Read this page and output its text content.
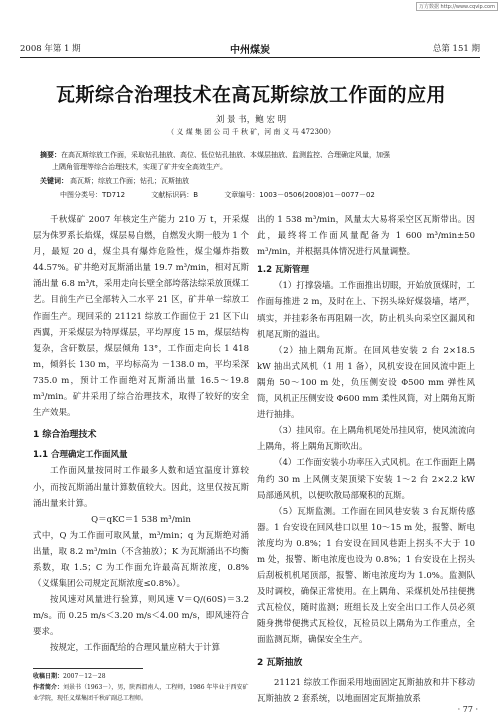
万方数据 http://www.cqvip.com
2008 年第 1 期	中州煤炭	总第 151 期
瓦斯综合治理技术在高瓦斯综放工作面的应用
刘 景 书，鲍 宏 明
（ 义 煤 集 团 公 司 千 秋 矿，河 南 义 马 472300）
摘要：在高瓦斯综放工作面，采取钻孔抽放、高位、低位钻孔抽放、本煤层抽放、监测监控、合理确定风量，加强
上隅角管理等综合治理技术，实现了矿井安全高效生产。
关键词： 高瓦斯；综放工作面；钻孔；瓦斯抽放
中图分类号：TD712	文献标识码：B	文章编号：1003－0506(2008)01－0077－02

千秋煤矿 2007 年核定生产能力 210 万 t，开采煤层为侏罗系长焰煤，煤层易自燃，自燃发火期一般为 1 个月，最短 20 d，煤尘具有爆炸危险性，煤尘爆炸指数 44.57%。矿井绝对瓦斯涌出量 19.7 m³/min，相对瓦斯涌出量 6.8 m³/t，采用走向长壁全部垮落法综采放顶煤工艺。目前生产已全部转入二水平 21 区，矿井单一综放工作面生产。现回采的 21121 综放工作面位于 21 区下山西翼，开采煤层为特厚煤层，平均厚度 15 m，煤层结构复杂，含矸数层，煤层倾角 13°，工作面走向长 1 418 m，倾斜长 130 m，平均标高为 －138.0 m，平均采深 735.0 m，预计工作面绝对瓦斯涌出量 16.5～19.8 m³/min。矿井采用了综合治理技术，取得了较好的安全生产效果。

1 综合治理技术

1.1 合理确定工作面风量

工作面风量按同时工作最多人数和适宜温度计算较小，而按瓦斯涌出量计算数值较大。因此，这里仅按瓦斯涌出量来计算。

Q＝qKC＝1 538 m³/min

式中，Q 为工作面可取风量，m³/min；q 为瓦斯绝对涌出量，取 8.2 m³/min（不含抽放）；K 为瓦斯涌出不均衡系数，取 1.5；C 为工作面允许最高瓦斯浓度，0.8%（义煤集团公司规定瓦斯浓度≤0.8%）。

按风速对风量进行验算，则风速 V＝Q/(60S)＝3.2 m/s。而 0.25 m/s＜3.20 m/s＜4.00 m/s，即风速符合要求。

按规定，工作面配给的合理风量应稍大于计算

出的 1 538 m³/min，风量太大易将采空区瓦斯带出。因此，最终将工作面风量配备为 1 600 m³/min±50 m³/min，并根据具体情况进行风量调整。

1.2 瓦斯管理

（1）打撑袋墙。工作面推出切眼，开始放顶煤时，工作面每推进 2 m，及时在上、下拐头垛好煤袋墙，堵严，填实，并挂彩条布再阻隔一次，防止机头向采空区漏风和机尾瓦斯的溢出。

（2）抽上隅角瓦斯。在回风巷安装 2 台 2×18.5 kW 抽出式风机（1 用 1 备），风机安设在回风流中距上隅角 50～100 m 处，负压侧安设 Φ500 mm 弹性风筒，风机正压侧安设 Φ600 mm 柔性风筒，对上隅角瓦斯进行抽排。

（3）挂风帘。在上隅角机尾处吊挂风帘，使风流流向上隅角，将上隅角瓦斯吹出。

（4）工作面安装小功率压入式风机。在工作面距上隅角约 30 m 上风侧支架顶梁下安装 1～2 台 2×2.2 kW 局部通风机，以便吹散局部聚积的瓦斯。

（5）瓦斯监测。工作面在回风巷安装 3 台瓦斯传感器。1 台安设在回风巷口以里 10～15 m 处，报警、断电浓度均为 0.8%；1 台安设在回风巷距上拐头不大于 10 m 处，报警、断电浓度也设为 0.8%；1 台安设在上拐头后刮板机机尾顶部，报警、断电浓度均为 1.0%。监测队及时调校，确保正常使用。在上隅角、采煤机处吊挂便携式瓦检仪，随时监测；班组长及上安全出口工作人员必须随身携带便携式瓦检仪，瓦检员以上隅角为工作重点，全面监测瓦斯，确保安全生产。

2 瓦斯抽放

21121 综放工作面采用地面固定瓦斯抽放和井下移动瓦斯抽放 2 套系统，以地面固定瓦斯抽放系

收稿日期：2007－12－28
作者简介：刘景书（1963－），男，陕西渭南人，工程师，1986 年毕业于西安矿业学院，现任义煤集团千秋矿副总工程师。
· 77 ·
